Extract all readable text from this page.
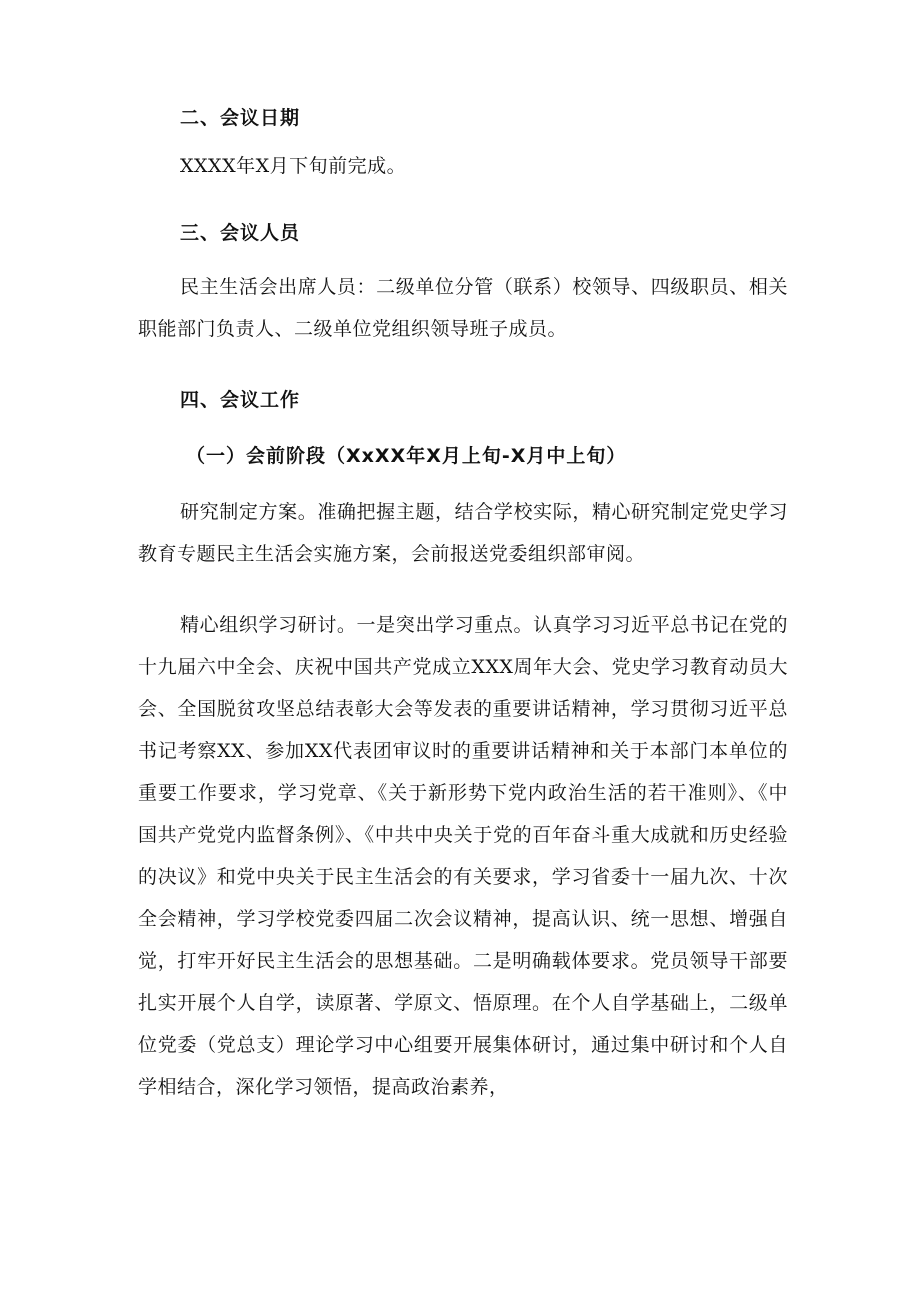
二、会议日期

XXXX年X月下旬前完成。

三、会议人员

民主生活会出席人员：二级单位分管（联系）校领导、四级职员、相关职能部门负责人、二级单位党组织领导班子成员。

四、会议工作
（一）会前阶段（XxXX年X月上旬-X月中上旬）

研究制定方案。准确把握主题，结合学校实际，精心研究制定党史学习教育专题民主生活会实施方案，会前报送党委组织部审阅。

精心组织学习研讨。一是突出学习重点。认真学习习近平总书记在党的十九届六中全会、庆祝中国共产党成立XXX周年大会、党史学习教育动员大会、全国脱贫攻坚总结表彰大会等发表的重要讲话精神，学习贯彻习近平总书记考察XX、参加XX代表团审议时的重要讲话精神和关于本部门本单位的重要工作要求，学习党章、《关于新形势下党内政治生活的若干准则》、《中国共产党党内监督条例》、《中共中央关于党的百年奋斗重大成就和历史经验的决议》和党中央关于民主生活会的有关要求，学习省委十一届九次、十次全会精神，学习学校党委四届二次会议精神，提高认识、统一思想、增强自觉，打牢开好民主生活会的思想基础。二是明确载体要求。党员领导干部要扎实开展个人自学，读原著、学原文、悟原理。在个人自学基础上，二级单位党委（党总支）理论学习中心组要开展集体研讨，通过集中研讨和个人自学相结合，深化学习领悟，提高政治素养，
